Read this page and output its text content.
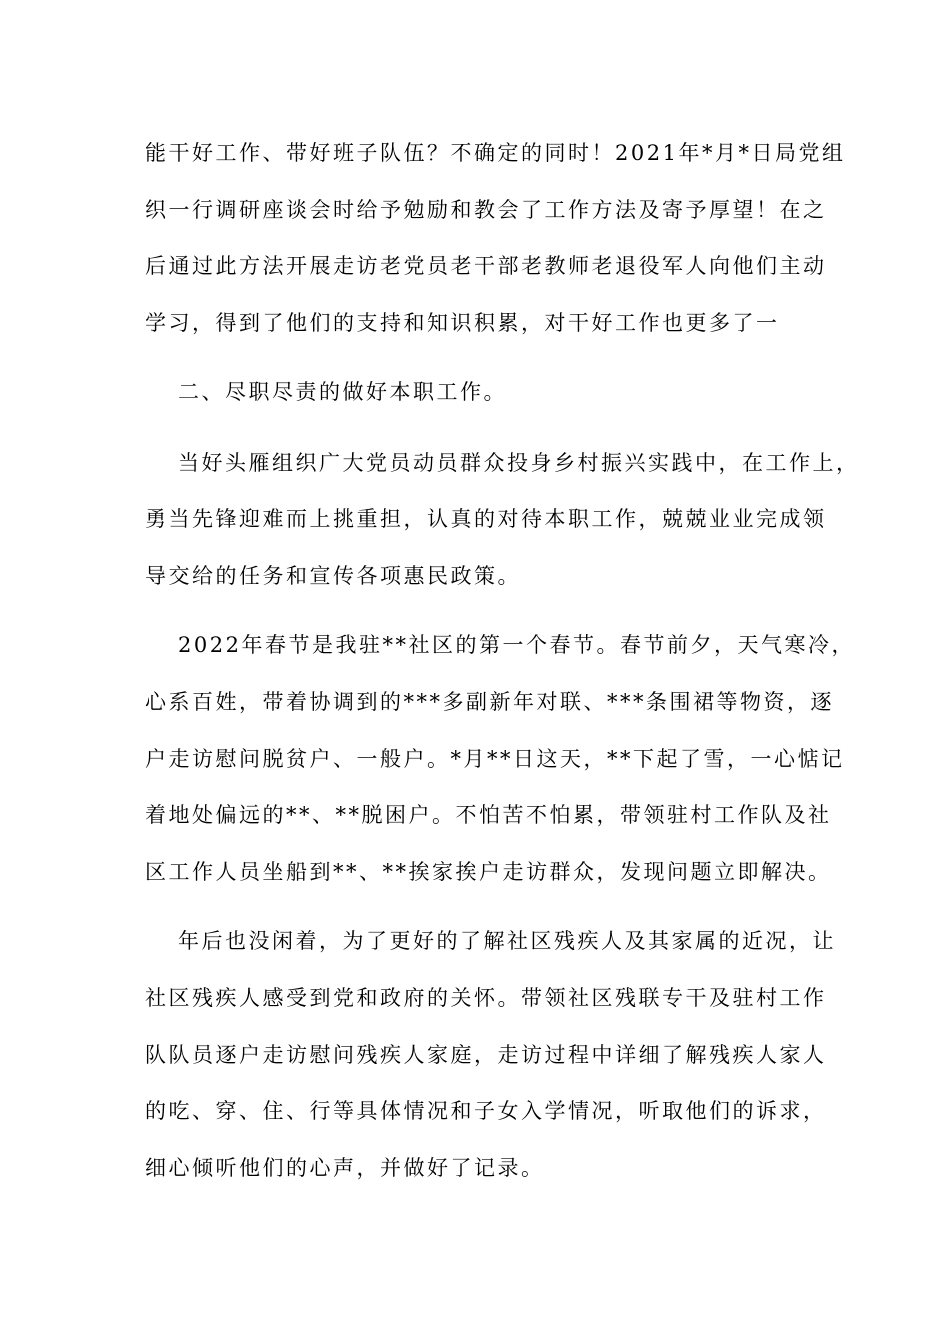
能干好工作、带好班子队伍？不确定的同时！2021年*月*日局党组
织一行调研座谈会时给予勉励和教会了工作方法及寄予厚望！在之
后通过此方法开展走访老党员老干部老教师老退役军人向他们主动
学习，得到了他们的支持和知识积累，对干好工作也更多了一
二、尽职尽责的做好本职工作。
当好头雁组织广大党员动员群众投身乡村振兴实践中，在工作上，
勇当先锋迎难而上挑重担，认真的对待本职工作，兢兢业业完成领
导交给的任务和宣传各项惠民政策。
2022年春节是我驻**社区的第一个春节。春节前夕，天气寒冷，
心系百姓，带着协调到的***多副新年对联、***条围裙等物资，逐
户走访慰问脱贫户、一般户。*月**日这天，**下起了雪，一心惦记
着地处偏远的**、**脱困户。不怕苦不怕累，带领驻村工作队及社
区工作人员坐船到**、**挨家挨户走访群众，发现问题立即解决。
年后也没闲着，为了更好的了解社区残疾人及其家属的近况，让
社区残疾人感受到党和政府的关怀。带领社区残联专干及驻村工作
队队员逐户走访慰问残疾人家庭，走访过程中详细了解残疾人家人
的吃、穿、住、行等具体情况和子女入学情况，听取他们的诉求，
细心倾听他们的心声，并做好了记录。
